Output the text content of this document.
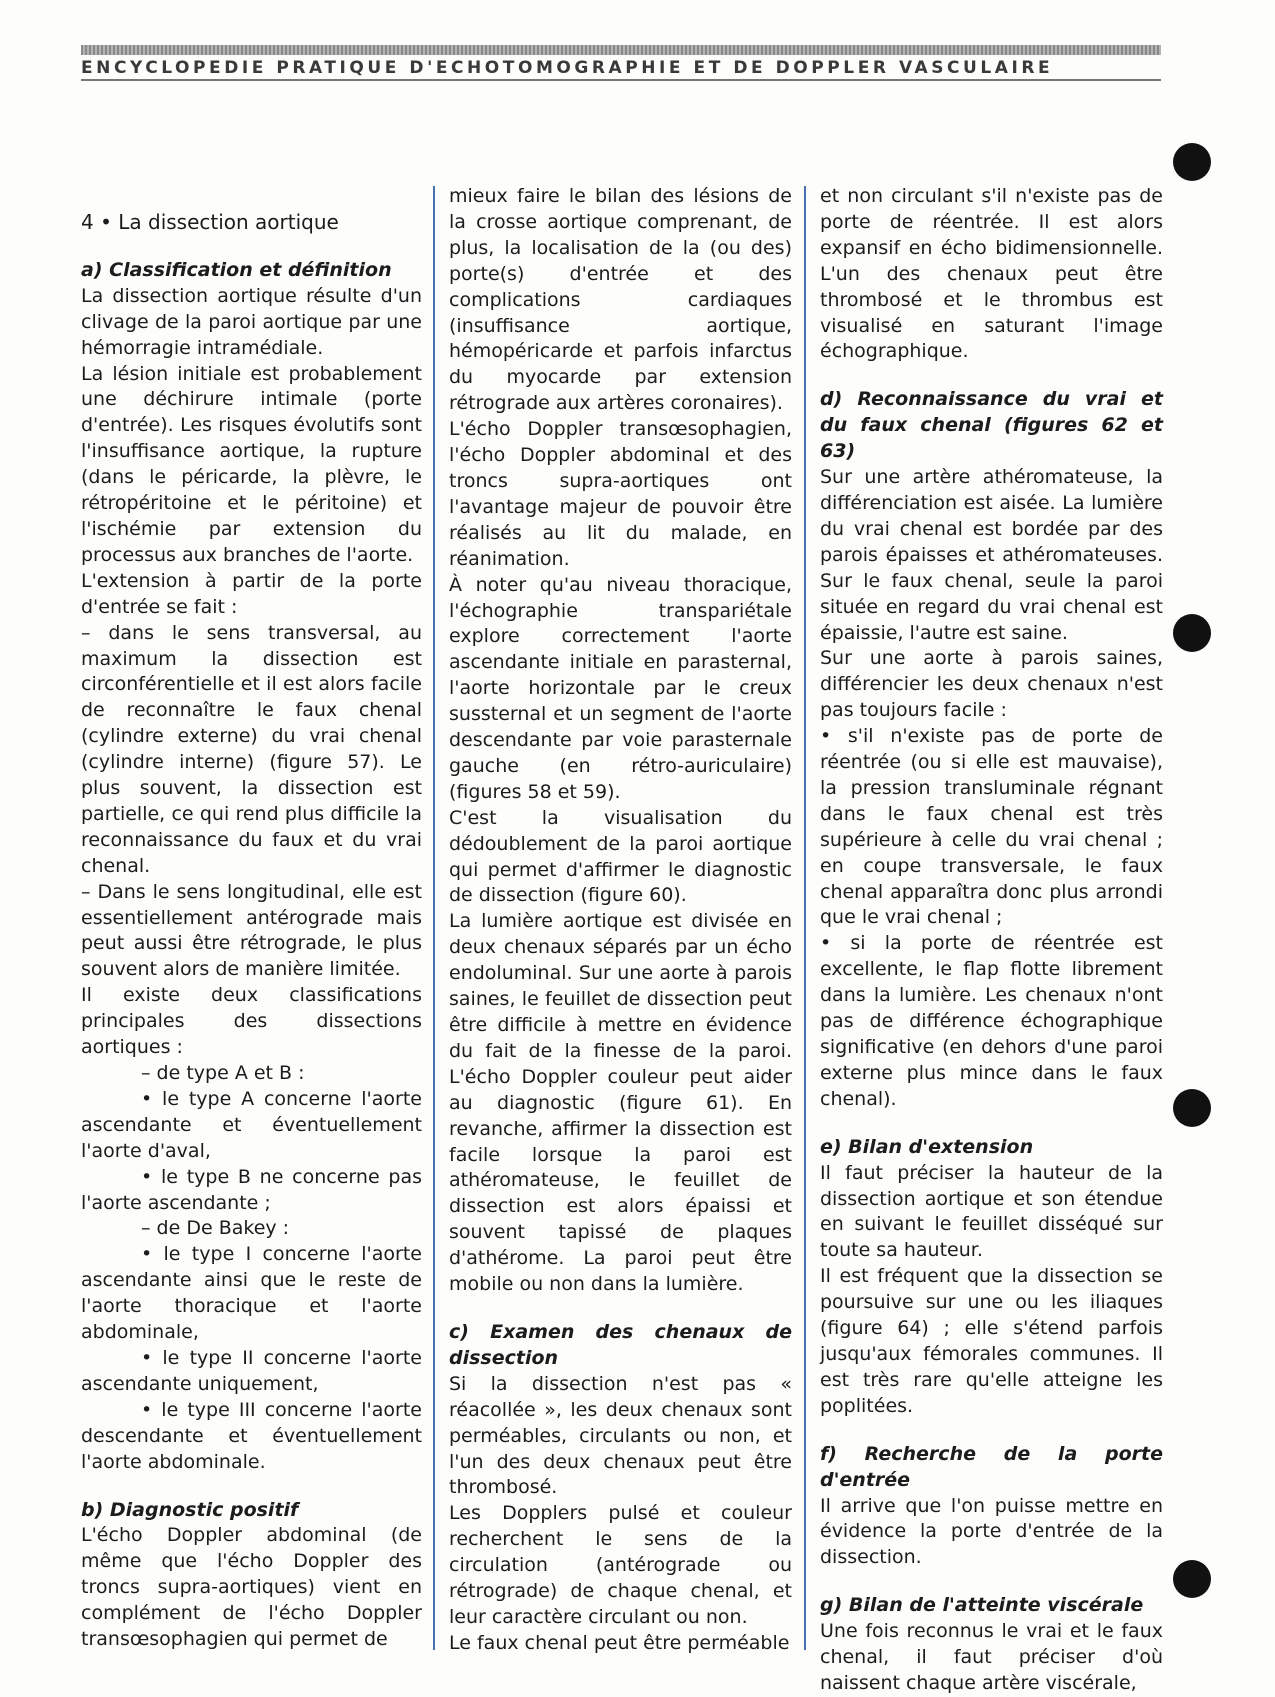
ENCYCLOPEDIE PRATIQUE D'ECHOTOMOGRAPHIE ET DE DOPPLER VASCULAIRE

4 • La dissection aortique

a) Classification et définition

La dissection aortique résulte d'un clivage de la paroi aortique par une hémorragie intramédiale.

La lésion initiale est probablement une déchirure intimale (porte d'entrée). Les risques évolutifs sont l'insuffisance aortique, la rupture (dans le péricarde, la plèvre, le rétropéritoine et le péritoine) et l'ischémie par extension du processus aux branches de l'aorte.

L'extension à partir de la porte d'entrée se fait :

– dans le sens transversal, au maximum la dissection est circonférentielle et il est alors facile de reconnaître le faux chenal (cylindre externe) du vrai chenal (cylindre interne) (figure 57). Le plus souvent, la dissection est partielle, ce qui rend plus difficile la reconnaissance du faux et du vrai chenal.

– Dans le sens longitudinal, elle est essentiellement antérograde mais peut aussi être rétrograde, le plus souvent alors de manière limitée.

Il existe deux classifications principales des dissections aortiques :

– de type A et B :

• le type A concerne l'aorte ascendante et éventuellement l'aorte d'aval,

• le type B ne concerne pas l'aorte ascendante ;

– de De Bakey :

• le type I concerne l'aorte ascendante ainsi que le reste de l'aorte thoracique et l'aorte abdominale,

• le type II concerne l'aorte ascendante uniquement,

• le type III concerne l'aorte descendante et éventuellement l'aorte abdominale.

b) Diagnostic positif

L'écho Doppler abdominal (de même que l'écho Doppler des troncs supra-aortiques) vient en complément de l'écho Doppler transœsophagien qui permet de

mieux faire le bilan des lésions de la crosse aortique comprenant, de plus, la localisation de la (ou des) porte(s) d'entrée et des complications cardiaques (insuffisance aortique, hémopéricarde et parfois infarctus du myocarde par extension rétrograde aux artères coronaires).

L'écho Doppler transœsophagien, l'écho Doppler abdominal et des troncs supra-aortiques ont l'avantage majeur de pouvoir être réalisés au lit du malade, en réanimation.

À noter qu'au niveau thoracique, l'échographie transpariétale explore correctement l'aorte ascendante initiale en parasternal, l'aorte horizontale par le creux sussternal et un segment de l'aorte descendante par voie parasternale gauche (en rétro-auriculaire) (figures 58 et 59).

C'est la visualisation du dédoublement de la paroi aortique qui permet d'affirmer le diagnostic de dissection (figure 60).

La lumière aortique est divisée en deux chenaux séparés par un écho endoluminal. Sur une aorte à parois saines, le feuillet de dissection peut être difficile à mettre en évidence du fait de la finesse de la paroi. L'écho Doppler couleur peut aider au diagnostic (figure 61). En revanche, affirmer la dissection est facile lorsque la paroi est athéromateuse, le feuillet de dissection est alors épaissi et souvent tapissé de plaques d'athérome. La paroi peut être mobile ou non dans la lumière.

c) Examen des chenaux de dissection

Si la dissection n'est pas « réacollée », les deux chenaux sont perméables, circulants ou non, et l'un des deux chenaux peut être thrombosé.

Les Dopplers pulsé et couleur recherchent le sens de la circulation (antérograde ou rétrograde) de chaque chenal, et leur caractère circulant ou non.

Le faux chenal peut être perméable

et non circulant s'il n'existe pas de porte de réentrée. Il est alors expansif en écho bidimensionnelle. L'un des chenaux peut être thrombosé et le thrombus est visualisé en saturant l'image échographique.

d) Reconnaissance du vrai et du faux chenal (figures 62 et 63)

Sur une artère athéromateuse, la différenciation est aisée. La lumière du vrai chenal est bordée par des parois épaisses et athéromateuses. Sur le faux chenal, seule la paroi située en regard du vrai chenal est épaissie, l'autre est saine.

Sur une aorte à parois saines, différencier les deux chenaux n'est pas toujours facile :

• s'il n'existe pas de porte de réentrée (ou si elle est mauvaise), la pression transluminale régnant dans le faux chenal est très supérieure à celle du vrai chenal ; en coupe transversale, le faux chenal apparaîtra donc plus arrondi que le vrai chenal ;

• si la porte de réentrée est excellente, le flap flotte librement dans la lumière. Les chenaux n'ont pas de différence échographique significative (en dehors d'une paroi externe plus mince dans le faux chenal).

e) Bilan d'extension

Il faut préciser la hauteur de la dissection aortique et son étendue en suivant le feuillet disséqué sur toute sa hauteur.

Il est fréquent que la dissection se poursuive sur une ou les iliaques (figure 64) ; elle s'étend parfois jusqu'aux fémorales communes. Il est très rare qu'elle atteigne les poplitées.

f) Recherche de la porte d'entrée

Il arrive que l'on puisse mettre en évidence la porte d'entrée de la dissection.

g) Bilan de l'atteinte viscérale

Une fois reconnus le vrai et le faux chenal, il faut préciser d'où naissent chaque artère viscérale,
